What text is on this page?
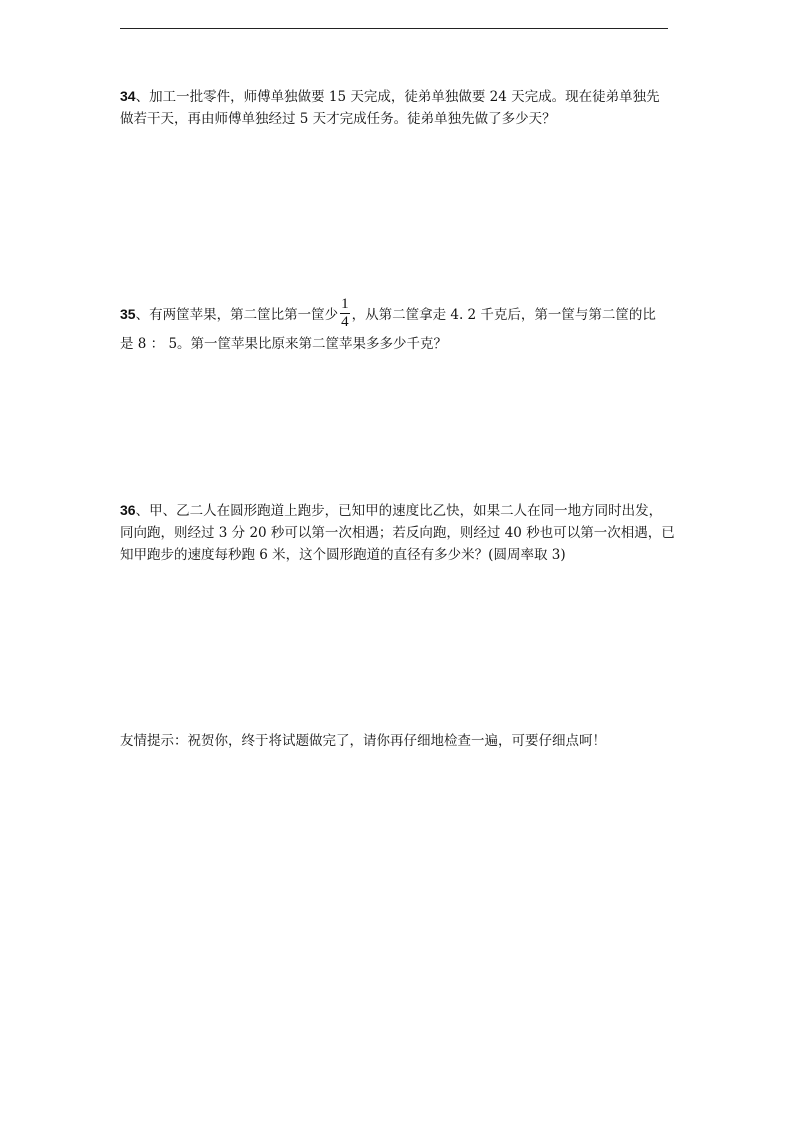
34、加工一批零件，师傅单独做要 15 天完成，徒弟单独做要 24 天完成。现在徒弟单独先
做若干天，再由师傅单独经过 5 天才完成任务。徒弟单独先做了多少天？
35、有两筐苹果，第二筐比第一筐少 $\frac{1}{4}$ ，从第二筐拿走 4. 2 千克后，第一筐与第二筐的比
是 8 ： 5。第一筐苹果比原来第二筐苹果多多少千克？
36、甲、乙二人在圆形跑道上跑步，已知甲的速度比乙快，如果二人在同一地方同时出发，
同向跑，则经过 3 分 20 秒可以第一次相遇；若反向跑，则经过 40 秒也可以第一次相遇，已
知甲跑步的速度每秒跑 6 米，这个圆形跑道的直径有多少米？(圆周率取 3)
友情提示：祝贺你，终于将试题做完了，请你再仔细地检查一遍，可要仔细点呵！
